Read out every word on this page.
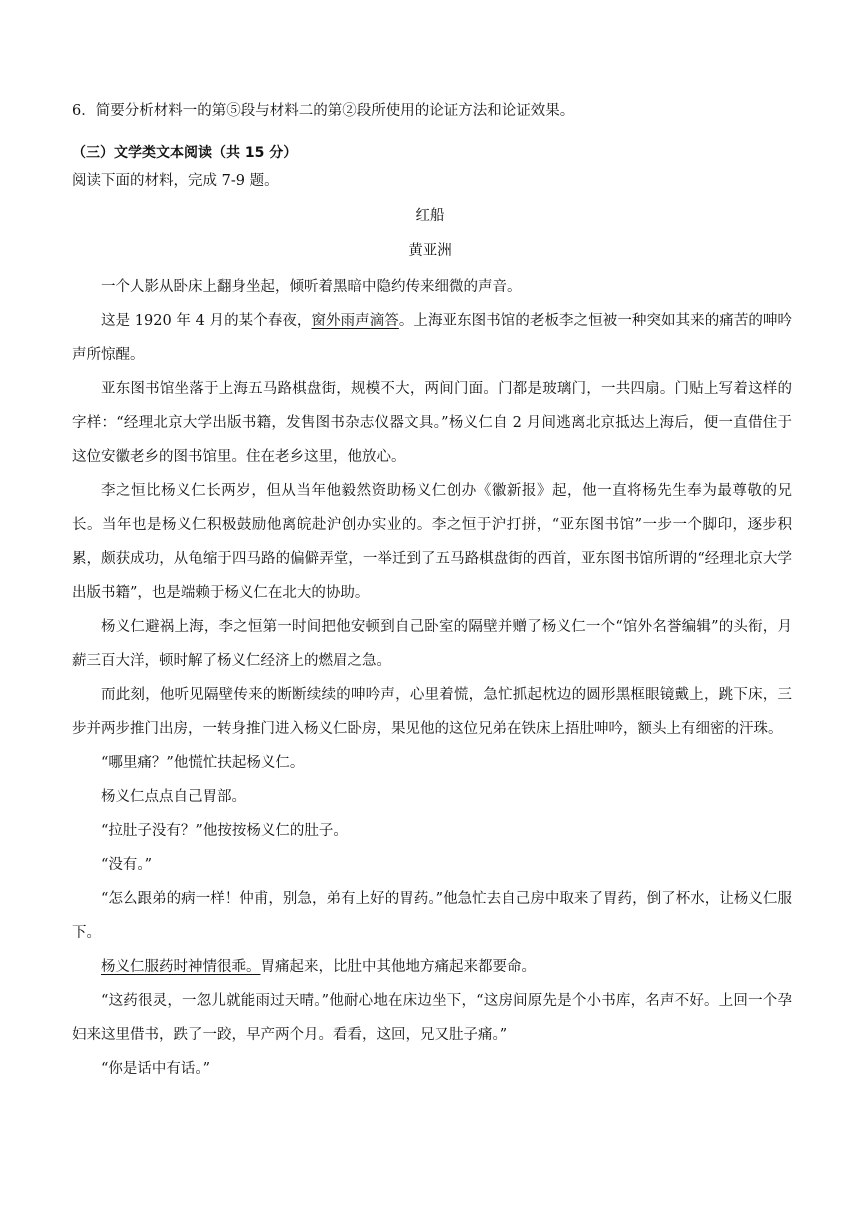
6．简要分析材料一的第⑤段与材料二的第②段所使用的论证方法和论证效果。

（三）文学类文本阅读（共 15 分）

阅读下面的材料，完成 7-9 题。

红船

黄亚洲

一个人影从卧床上翻身坐起，倾听着黑暗中隐约传来细微的声音。

这是 1920 年 4 月的某个春夜，窗外雨声滴答。上海亚东图书馆的老板李之恒被一种突如其来的痛苦的呻吟声所惊醒。

亚东图书馆坐落于上海五马路棋盘街，规模不大，两间门面。门都是玻璃门，一共四扇。门贴上写着这样的字样：“经理北京大学出版书籍，发售图书杂志仪器文具。”杨义仁自 2 月间逃离北京抵达上海后，便一直借住于这位安徽老乡的图书馆里。住在老乡这里，他放心。

李之恒比杨义仁长两岁，但从当年他毅然资助杨义仁创办《徽新报》起，他一直将杨先生奉为最尊敬的兄长。当年也是杨义仁积极鼓励他离皖赴沪创办实业的。李之恒于沪打拼，“亚东图书馆”一步一个脚印，逐步积累，颇获成功，从龟缩于四马路的偏僻弄堂，一举迁到了五马路棋盘街的西首，亚东图书馆所谓的“经理北京大学出版书籍”，也是端赖于杨义仁在北大的协助。

杨义仁避祸上海，李之恒第一时间把他安顿到自己卧室的隔壁并赠了杨义仁一个“馆外名誉编辑”的头衔，月薪三百大洋，顿时解了杨义仁经济上的燃眉之急。

而此刻，他听见隔壁传来的断断续续的呻吟声，心里着慌，急忙抓起枕边的圆形黑框眼镜戴上，跳下床，三步并两步推门出房，一转身推门进入杨义仁卧房，果见他的这位兄弟在铁床上捂肚呻吟，额头上有细密的汗珠。

“哪里痛？”他慌忙扶起杨义仁。

杨义仁点点自己胃部。

“拉肚子没有？”他按按杨义仁的肚子。

“没有。”

“怎么跟弟的病一样！仲甫，别急，弟有上好的胃药。”他急忙去自己房中取来了胃药，倒了杯水，让杨义仁服下。

杨义仁服药时神情很乖。胃痛起来，比肚中其他地方痛起来都要命。

“这药很灵，一忽儿就能雨过天晴。”他耐心地在床边坐下，“这房间原先是个小书库，名声不好。上回一个孕妇来这里借书，跌了一跤，早产两个月。看看，这回，兄又肚子痛。”

“你是话中有话。”
